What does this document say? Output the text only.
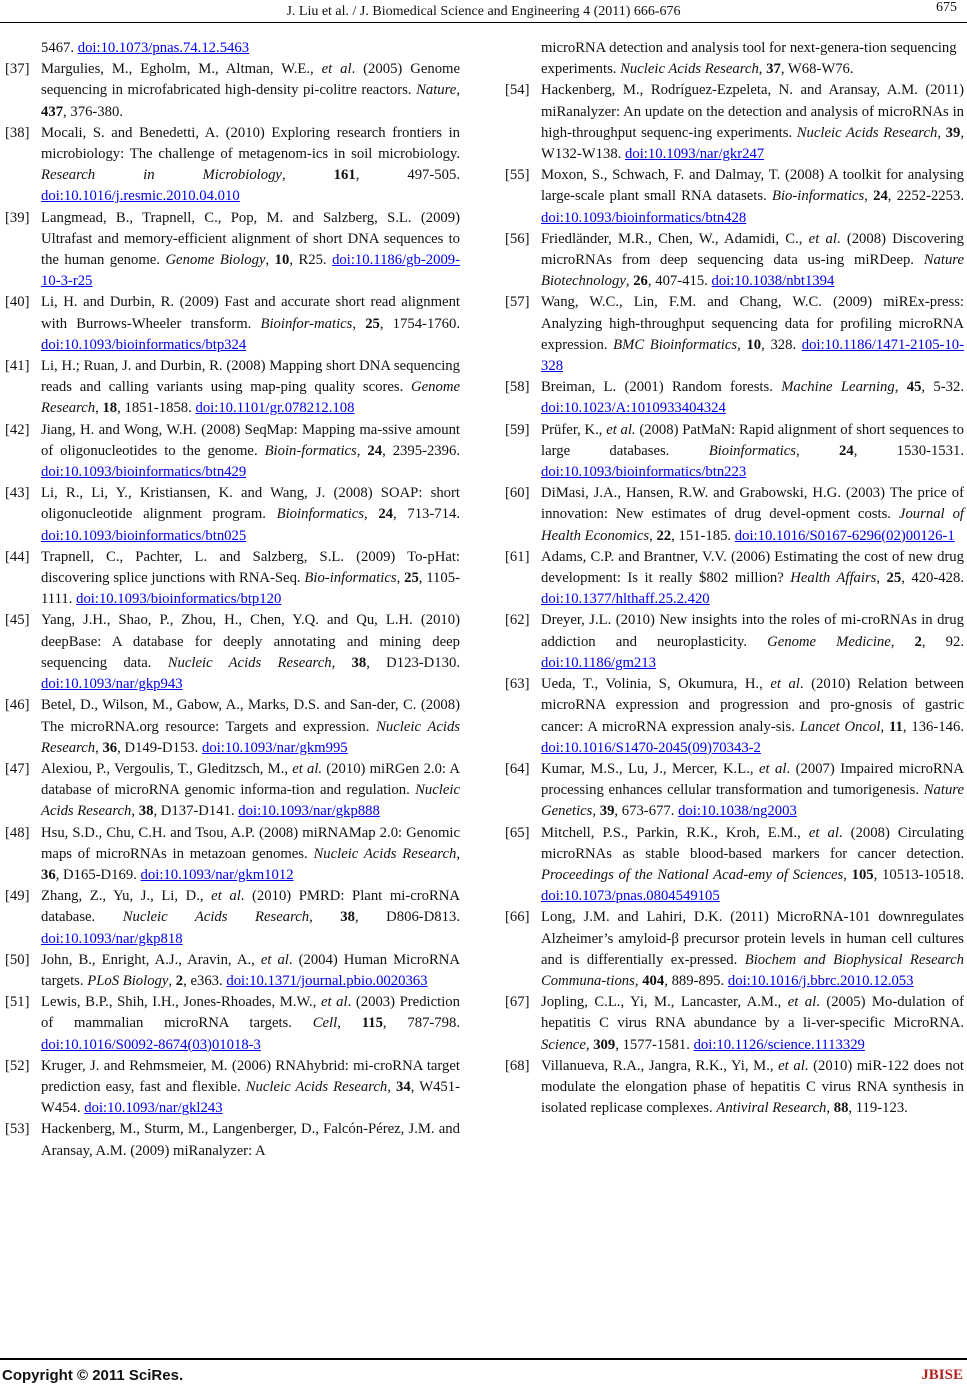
J. Liu et al. / J. Biomedical Science and Engineering 4 (2011) 666-676	675
5467. doi:10.1073/pnas.74.12.5463
[37] Margulies, M., Egholm, M., Altman, W.E., et al. (2005) Genome sequencing in microfabricated high-density pi-colitre reactors. Nature, 437, 376-380.
[38] Mocali, S. and Benedetti, A. (2010) Exploring research frontiers in microbiology: The challenge of metagenom-ics in soil microbiology. Research in Microbiology, 161, 497-505. doi:10.1016/j.resmic.2010.04.010
[39] Langmead, B., Trapnell, C., Pop, M. and Salzberg, S.L. (2009) Ultrafast and memory-efficient alignment of short DNA sequences to the human genome. Genome Biology, 10, R25. doi:10.1186/gb-2009-10-3-r25
[40] Li, H. and Durbin, R. (2009) Fast and accurate short read alignment with Burrows-Wheeler transform. Bioinfor-matics, 25, 1754-1760. doi:10.1093/bioinformatics/btp324
[41] Li, H.; Ruan, J. and Durbin, R. (2008) Mapping short DNA sequencing reads and calling variants using map-ping quality scores. Genome Research, 18, 1851-1858. doi:10.1101/gr.078212.108
[42] Jiang, H. and Wong, W.H. (2008) SeqMap: Mapping ma-ssive amount of oligonucleotides to the genome. Bioin-formatics, 24, 2395-2396. doi:10.1093/bioinformatics/btn429
[43] Li, R., Li, Y., Kristiansen, K. and Wang, J. (2008) SOAP: short oligonucleotide alignment program. Bioinformatics, 24, 713-714. doi:10.1093/bioinformatics/btn025
[44] Trapnell, C., Pachter, L. and Salzberg, S.L. (2009) To-pHat: discovering splice junctions with RNA-Seq. Bio-informatics, 25, 1105-1111. doi:10.1093/bioinformatics/btp120
[45] Yang, J.H., Shao, P., Zhou, H., Chen, Y.Q. and Qu, L.H. (2010) deepBase: A database for deeply annotating and mining deep sequencing data. Nucleic Acids Research, 38, D123-D130. doi:10.1093/nar/gkp943
[46] Betel, D., Wilson, M., Gabow, A., Marks, D.S. and San-der, C. (2008) The microRNA.org resource: Targets and expression. Nucleic Acids Research, 36, D149-D153. doi:10.1093/nar/gkm995
[47] Alexiou, P., Vergoulis, T., Gleditzsch, M., et al. (2010) miRGen 2.0: A database of microRNA genomic informa-tion and regulation. Nucleic Acids Research, 38, D137-D141. doi:10.1093/nar/gkp888
[48] Hsu, S.D., Chu, C.H. and Tsou, A.P. (2008) miRNAMap 2.0: Genomic maps of microRNAs in metazoan genomes. Nucleic Acids Research, 36, D165-D169. doi:10.1093/nar/gkm1012
[49] Zhang, Z., Yu, J., Li, D., et al. (2010) PMRD: Plant mi-croRNA database. Nucleic Acids Research, 38, D806-D813. doi:10.1093/nar/gkp818
[50] John, B., Enright, A.J., Aravin, A., et al. (2004) Human MicroRNA targets. PLoS Biology, 2, e363. doi:10.1371/journal.pbio.0020363
[51] Lewis, B.P., Shih, I.H., Jones-Rhoades, M.W., et al. (2003) Prediction of mammalian microRNA targets. Cell, 115, 787-798. doi:10.1016/S0092-8674(03)01018-3
[52] Kruger, J. and Rehmsmeier, M. (2006) RNAhybrid: mi-croRNA target prediction easy, fast and flexible. Nucleic Acids Research, 34, W451-W454. doi:10.1093/nar/gkl243
[53] Hackenberg, M., Sturm, M., Langenberger, D., Falcón-Pérez, J.M. and Aransay, A.M. (2009) miRanalyzer: A
microRNA detection and analysis tool for next-genera-tion sequencing experiments. Nucleic Acids Research, 37, W68-W76.
[54] Hackenberg, M., Rodríguez-Ezpeleta, N. and Aransay, A.M. (2011) miRanalyzer: An update on the detection and analysis of microRNAs in high-throughput sequenc-ing experiments. Nucleic Acids Research, 39, W132-W138. doi:10.1093/nar/gkr247
[55] Moxon, S., Schwach, F. and Dalmay, T. (2008) A toolkit for analysing large-scale plant small RNA datasets. Bio-informatics, 24, 2252-2253. doi:10.1093/bioinformatics/btn428
[56] Friedländer, M.R., Chen, W., Adamidi, C., et al. (2008) Discovering microRNAs from deep sequencing data us-ing miRDeep. Nature Biotechnology, 26, 407-415. doi:10.1038/nbt1394
[57] Wang, W.C., Lin, F.M. and Chang, W.C. (2009) miREx-press: Analyzing high-throughput sequencing data for profiling microRNA expression. BMC Bioinformatics, 10, 328. doi:10.1186/1471-2105-10-328
[58] Breiman, L. (2001) Random forests. Machine Learning, 45, 5-32. doi:10.1023/A:1010933404324
[59] Prüfer, K., et al. (2008) PatMaN: Rapid alignment of short sequences to large databases. Bioinformatics, 24, 1530-1531. doi:10.1093/bioinformatics/btn223
[60] DiMasi, J.A., Hansen, R.W. and Grabowski, H.G. (2003) The price of innovation: New estimates of drug devel-opment costs. Journal of Health Economics, 22, 151-185. doi:10.1016/S0167-6296(02)00126-1
[61] Adams, C.P. and Brantner, V.V. (2006) Estimating the cost of new drug development: Is it really $802 million? Health Affairs, 25, 420-428. doi:10.1377/hlthaff.25.2.420
[62] Dreyer, J.L. (2010) New insights into the roles of mi-croRNAs in drug addiction and neuroplasticity. Genome Medicine, 2, 92. doi:10.1186/gm213
[63] Ueda, T., Volinia, S, Okumura, H., et al. (2010) Relation between microRNA expression and progression and pro-gnosis of gastric cancer: A microRNA expression analy-sis. Lancet Oncol, 11, 136-146. doi:10.1016/S1470-2045(09)70343-2
[64] Kumar, M.S., Lu, J., Mercer, K.L., et al. (2007) Impaired microRNA processing enhances cellular transformation and tumorigenesis. Nature Genetics, 39, 673-677. doi:10.1038/ng2003
[65] Mitchell, P.S., Parkin, R.K., Kroh, E.M., et al. (2008) Circulating microRNAs as stable blood-based markers for cancer detection. Proceedings of the National Acad-emy of Sciences, 105, 10513-10518. doi:10.1073/pnas.0804549105
[66] Long, J.M. and Lahiri, D.K. (2011) MicroRNA-101 downregulates Alzheimer’s amyloid-β precursor protein levels in human cell cultures and is differentially ex-pressed. Biochem and Biophysical Research Communa-tions, 404, 889-895. doi:10.1016/j.bbrc.2010.12.053
[67] Jopling, C.L., Yi, M., Lancaster, A.M., et al. (2005) Mo-dulation of hepatitis C virus RNA abundance by a li-ver-specific MicroRNA. Science, 309, 1577-1581. doi:10.1126/science.1113329
[68] Villanueva, R.A., Jangra, R.K., Yi, M., et al. (2010) miR-122 does not modulate the elongation phase of hepatitis C virus RNA synthesis in isolated replicase complexes. Antiviral Research, 88, 119-123.
Copyright © 2011 SciRes.	JBISE
